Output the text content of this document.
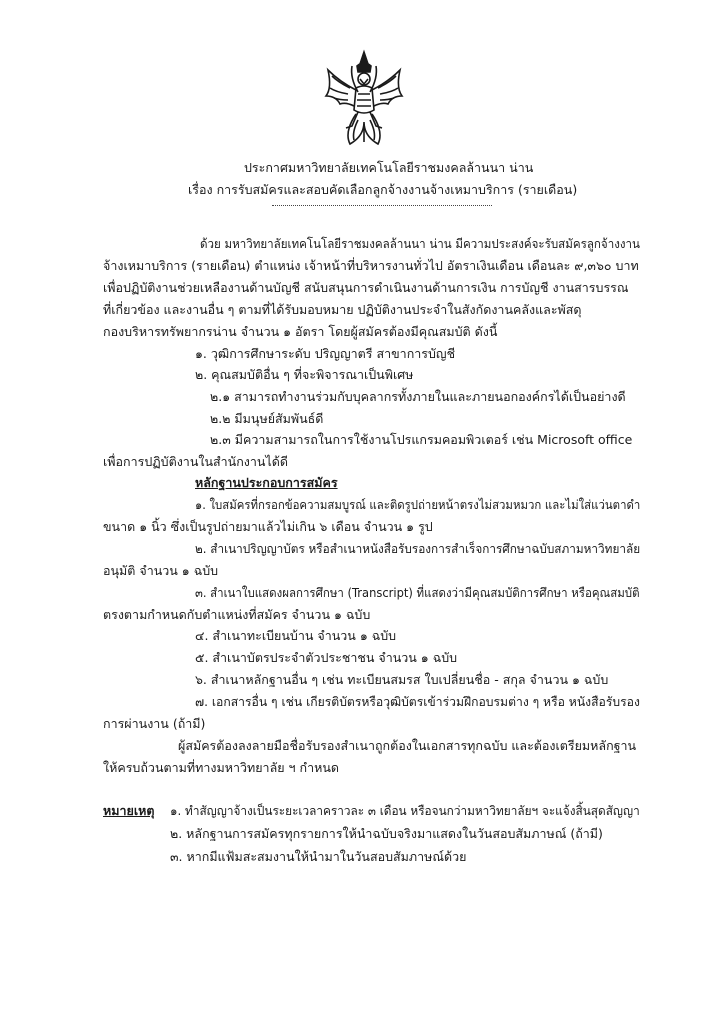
ประกาศมหาวิทยาลัยเทคโนโลยีราชมงคลล้านนา น่าน
เรื่อง การรับสมัครและสอบคัดเลือกลูกจ้างงานจ้างเหมาบริการ (รายเดือน)
ด้วย มหาวิทยาลัยเทคโนโลยีราชมงคลล้านนา น่าน มีความประสงค์จะรับสมัครลูกจ้างงาน
จ้างเหมาบริการ (รายเดือน) ตำแหน่ง เจ้าหน้าที่บริหารงานทั่วไป อัตราเงินเดือน เดือนละ ๙,๓๖๐ บาท
เพื่อปฏิบัติงานช่วยเหลืองานด้านบัญชี สนับสนุนการดำเนินงานด้านการเงิน การบัญชี งานสารบรรณ
ที่เกี่ยวข้อง และงานอื่น ๆ ตามที่ได้รับมอบหมาย ปฏิบัติงานประจำในสังกัดงานคลังและพัสดุ
กองบริหารทรัพยากรน่าน จำนวน ๑ อัตรา โดยผู้สมัครต้องมีคุณสมบัติ ดังนี้
๑. วุฒิการศึกษาระดับ ปริญญาตรี สาขาการบัญชี
๒. คุณสมบัติอื่น ๆ ที่จะพิจารณาเป็นพิเศษ
๒.๑ สามารถทำงานร่วมกับบุคลากรทั้งภายในและภายนอกองค์กรได้เป็นอย่างดี
๒.๒ มีมนุษย์สัมพันธ์ดี
๒.๓ มีความสามารถในการใช้งานโปรแกรมคอมพิวเตอร์ เช่น Microsoft office
เพื่อการปฏิบัติงานในสำนักงานได้ดี
หลักฐานประกอบการสมัคร
๑. ใบสมัครที่กรอกข้อความสมบูรณ์ และติดรูปถ่ายหน้าตรงไม่สวมหมวก และไม่ใส่แว่นตาดำ
ขนาด ๑ นิ้ว ซึ่งเป็นรูปถ่ายมาแล้วไม่เกิน ๖ เดือน จำนวน ๑ รูป
๒. สำเนาปริญญาบัตร หรือสำเนาหนังสือรับรองการสำเร็จการศึกษาฉบับสภามหาวิทยาลัย
อนุมัติ จำนวน ๑ ฉบับ
๓. สำเนาใบแสดงผลการศึกษา (Transcript) ที่แสดงว่ามีคุณสมบัติการศึกษา หรือคุณสมบัติ
ตรงตามกำหนดกับตำแหน่งที่สมัคร จำนวน ๑ ฉบับ
๔. สำเนาทะเบียนบ้าน จำนวน ๑ ฉบับ
๕. สำเนาบัตรประจำตัวประชาชน จำนวน ๑ ฉบับ
๖. สำเนาหลักฐานอื่น ๆ เช่น ทะเบียนสมรส ใบเปลี่ยนชื่อ - สกุล จำนวน ๑ ฉบับ
๗. เอกสารอื่น ๆ เช่น เกียรติบัตรหรือวุฒิบัตรเข้าร่วมฝึกอบรมต่าง ๆ หรือ หนังสือรับรอง
การผ่านงาน (ถ้ามี)
ผู้สมัครต้องลงลายมือชื่อรับรองสำเนาถูกต้องในเอกสารทุกฉบับ และต้องเตรียมหลักฐาน
ให้ครบถ้วนตามที่ทางมหาวิทยาลัย ฯ กำหนด
หมายเหตุ ๑. ทำสัญญาจ้างเป็นระยะเวลาคราวละ ๓ เดือน หรือจนกว่ามหาวิทยาลัยฯ จะแจ้งสิ้นสุดสัญญา
๒. หลักฐานการสมัครทุกรายการให้นำฉบับจริงมาแสดงในวันสอบสัมภาษณ์ (ถ้ามี)
๓. หากมีแฟ้มสะสมงานให้นำมาในวันสอบสัมภาษณ์ด้วย
